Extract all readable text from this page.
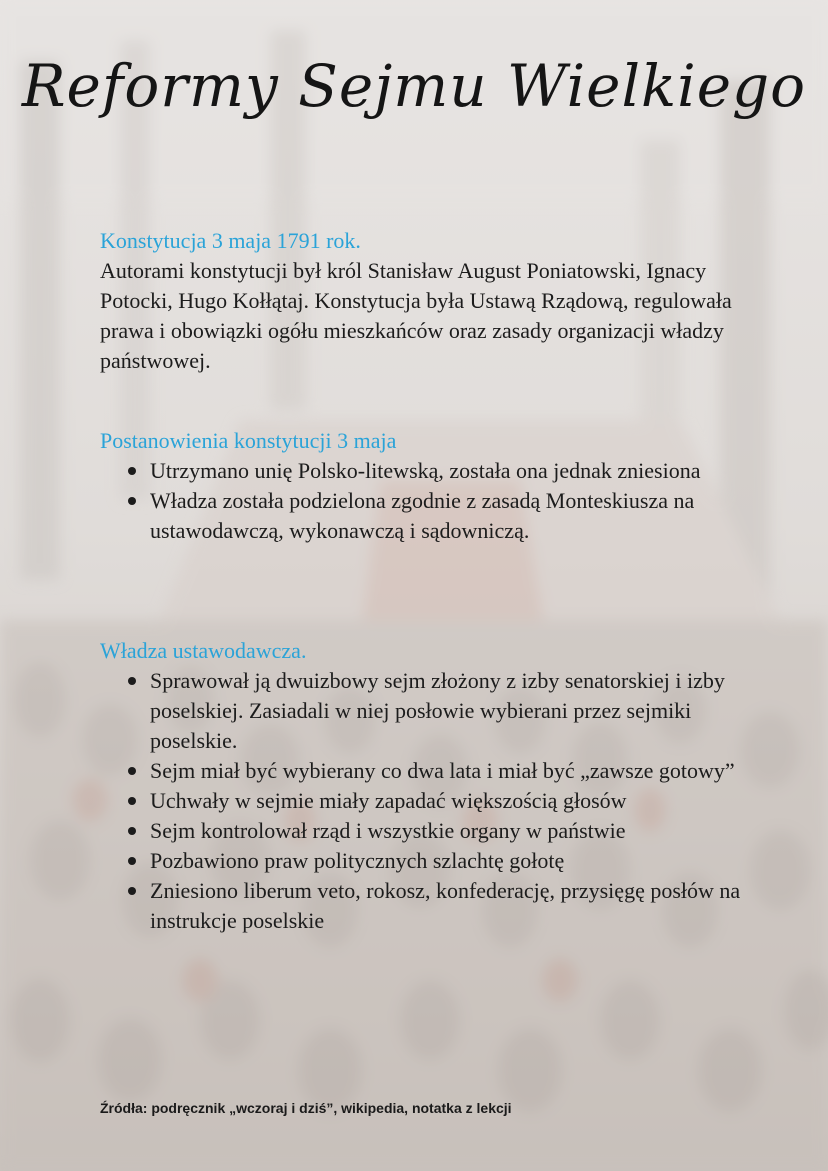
Reformy Sejmu Wielkiego
Konstytucja 3 maja 1791 rok.

Autorami konstytucji był król Stanisław August Poniatowski, Ignacy Potocki, Hugo Kołłątaj. Konstytucja była Ustawą Rządową, regulowała prawa i obowiązki ogółu mieszkańców oraz zasady organizacji władzy państwowej.

Postanowienia konstytucji 3 maja
Utrzymano unię Polsko-litewską, została ona jednak zniesiona
Władza została podzielona zgodnie z zasadą Monteskiusza na ustawodawczą, wykonawczą i sądowniczą.
Władza ustawodawcza.
Sprawował ją dwuizbowy sejm złożony z izby senatorskiej i izby poselskiej. Zasiadali w niej posłowie wybierani przez sejmiki poselskie.
Sejm miał być wybierany co dwa lata i miał być „zawsze gotowy”
Uchwały w sejmie miały zapadać większością głosów
Sejm kontrolował rząd i wszystkie organy w państwie
Pozbawiono praw politycznych szlachtę gołotę
Zniesiono liberum veto, rokosz, konfederację, przysięgę posłów na instrukcje poselskie
Źródła: podręcznik „wczoraj i dziś”, wikipedia, notatka z lekcji
